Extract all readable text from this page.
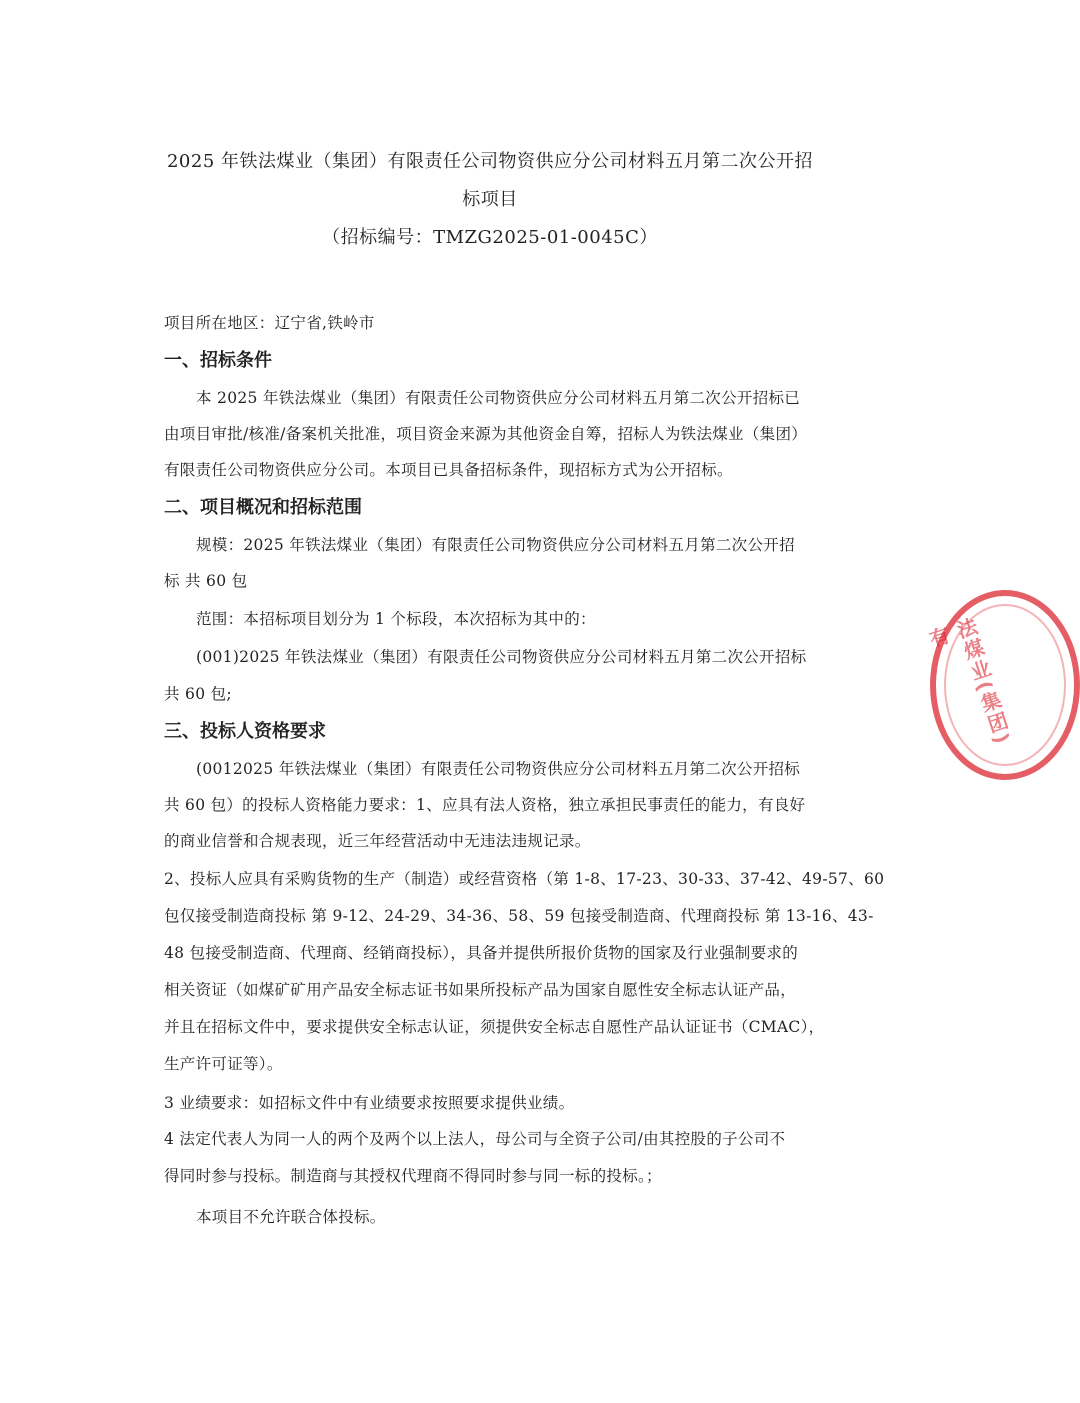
2025 年铁法煤业（集团）有限责任公司物资供应分公司材料五月第二次公开招
标项目
（招标编号：TMZG2025-01-0045C）
项目所在地区：辽宁省,铁岭市
一、招标条件
本 2025 年铁法煤业（集团）有限责任公司物资供应分公司材料五月第二次公开招标已
由项目审批/核准/备案机关批准，项目资金来源为其他资金自筹，招标人为铁法煤业（集团）
有限责任公司物资供应分公司。本项目已具备招标条件，现招标方式为公开招标。
二、项目概况和招标范围
规模：2025 年铁法煤业（集团）有限责任公司物资供应分公司材料五月第二次公开招
标 共 60 包
范围：本招标项目划分为 1 个标段，本次招标为其中的：
(001)2025 年铁法煤业（集团）有限责任公司物资供应分公司材料五月第二次公开招标
共 60 包;
三、投标人资格要求
(0012025 年铁法煤业（集团）有限责任公司物资供应分公司材料五月第二次公开招标
共 60 包）的投标人资格能力要求：1、应具有法人资格，独立承担民事责任的能力，有良好
的商业信誉和合规表现，近三年经营活动中无违法违规记录。
2、投标人应具有采购货物的生产（制造）或经营资格（第 1-8、17-23、30-33、37-42、49-57、60
包仅接受制造商投标 第 9-12、24-29、34-36、58、59 包接受制造商、代理商投标 第 13-16、43-
48 包接受制造商、代理商、经销商投标），具备并提供所报价货物的国家及行业强制要求的
相关资证（如煤矿矿用产品安全标志证书如果所投标产品为国家自愿性安全标志认证产品，
并且在招标文件中，要求提供安全标志认证，须提供安全标志自愿性产品认证证书（CMAC），
生产许可证等）。
3 业绩要求：如招标文件中有业绩要求按照要求提供业绩。
4 法定代表人为同一人的两个及两个以上法人，母公司与全资子公司/由其控股的子公司不
得同时参与投标。制造商与其授权代理商不得同时参与同一标的投标。；
本项目不允许联合体投标。
法煤业(集团)有
